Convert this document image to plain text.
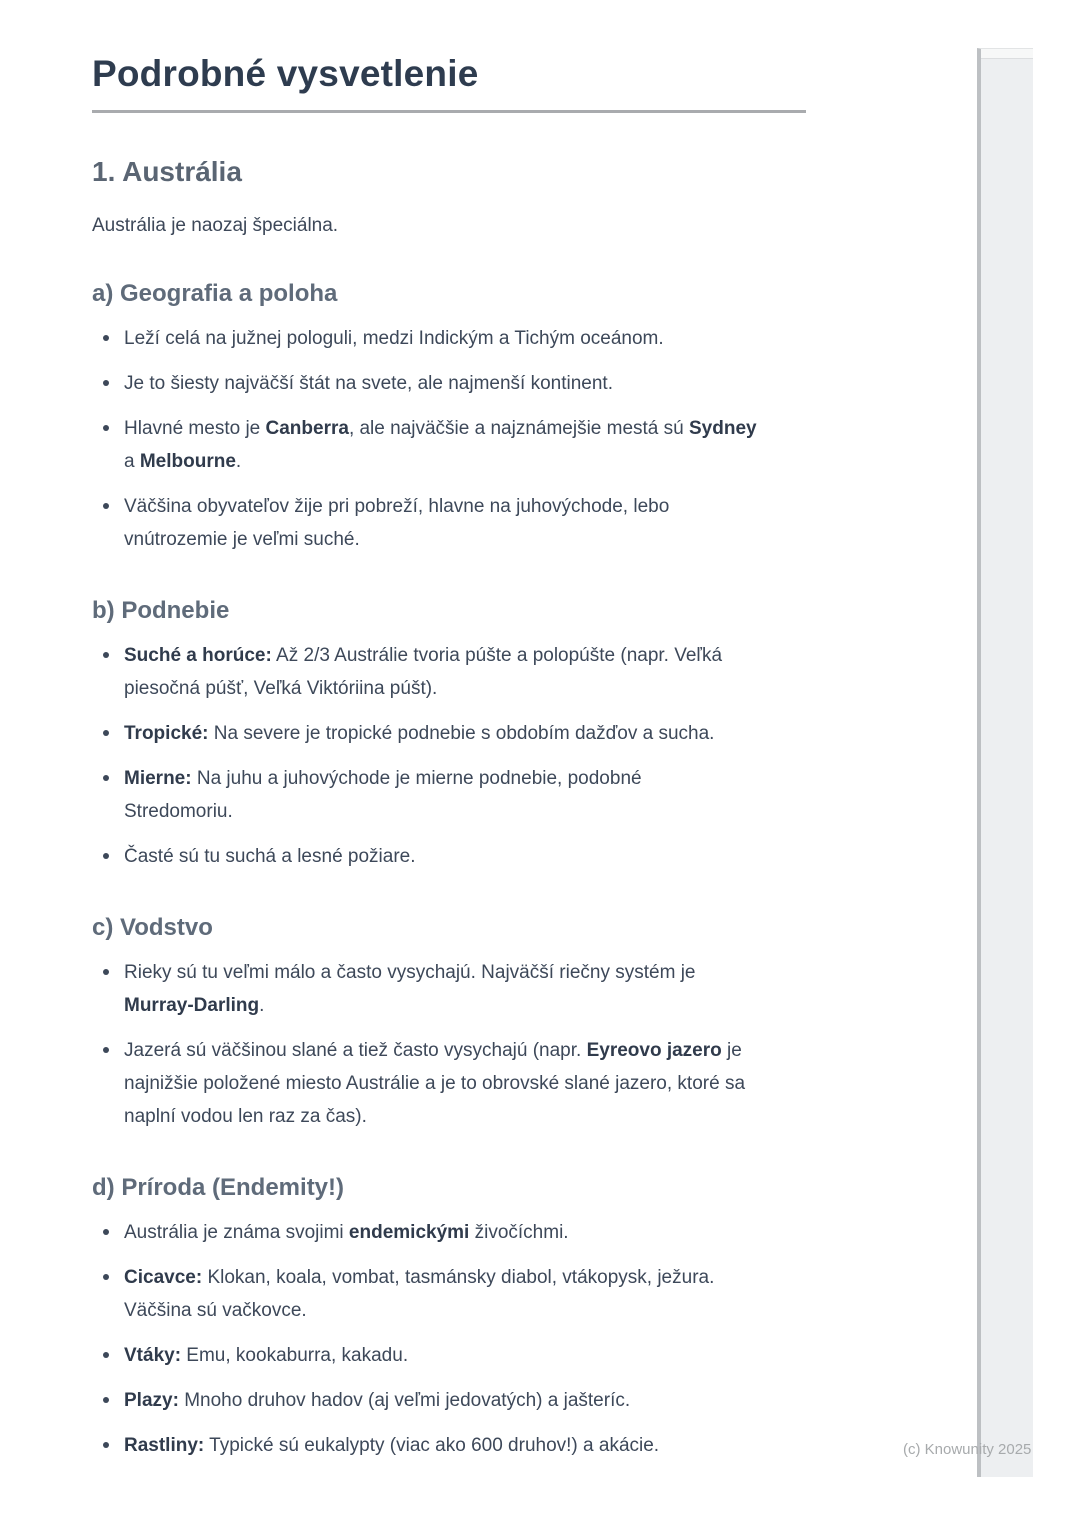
Podrobné vysvetlenie
1. Austrália

Austrália je naozaj špeciálna.

a) Geografia a poloha
Leží celá na južnej pologuli, medzi Indickým a Tichým oceánom.
Je to šiesty najväčší štát na svete, ale najmenší kontinent.
Hlavné mesto je Canberra, ale najväčšie a najznámejšie mestá sú Sydney
a Melbourne.
Väčšina obyvateľov žije pri pobreží, hlavne na juhovýchode, lebo
vnútrozemie je veľmi suché.
b) Podnebie
Suché a horúce: Až 2/3 Austrálie tvoria púšte a polopúšte (napr. Veľká
piesočná púšť, Veľká Viktóriina púšt).
Tropické: Na severe je tropické podnebie s obdobím dažďov a sucha.
Mierne: Na juhu a juhovýchode je mierne podnebie, podobné
Stredomoriu.
Časté sú tu suchá a lesné požiare.
c) Vodstvo
Rieky sú tu veľmi málo a často vysychajú. Najväčší riečny systém je
Murray-Darling.
Jazerá sú väčšinou slané a tiež často vysychajú (napr. Eyreovo jazero je
najnižšie položené miesto Austrálie a je to obrovské slané jazero, ktoré sa
naplní vodou len raz za čas).
d) Príroda (Endemity!)
Austrália je známa svojimi endemickými živočíchmi.
Cicavce: Klokan, koala, vombat, tasmánsky diabol, vtákopysk, ježura.
Väčšina sú vačkovce.
Vtáky: Emu, kookaburra, kakadu.
Plazy: Mnoho druhov hadov (aj veľmi jedovatých) a jašteríc.
Rastliny: Typické sú eukalypty (viac ako 600 druhov!) a akácie.	(c) Knowunity 2025
